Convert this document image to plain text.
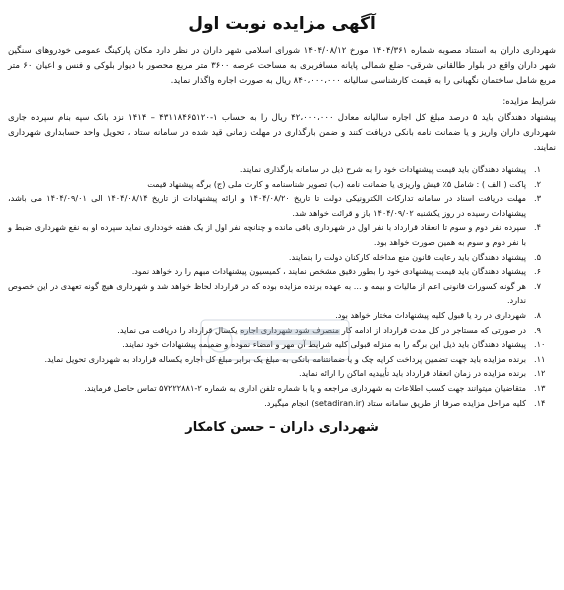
آگهی مزایده نوبت اول

شهرداری داران به استناد مصوبه شماره ۱۴۰۴/۳۶۱ مورخ ۱۴۰۴/۰۸/۱۲ شورای اسلامی شهر داران در نظر دارد مکان پارکینگ عمومی خودروهای سنگین شهر داران واقع در بلوار طالقانی شرقی- ضلع شمالی پایانه مسافربری به مساحت عرصه ۳۶۰۰ متر مربع محصور با دیوار بلوکی و فنس و اعیان ۶۰ متر مربع شامل ساختمان نگهبانی را به قیمت کارشناسی سالیانه ۸۴۰،۰۰۰،۰۰۰ ریال به صورت اجاره واگذار نماید.

شرایط مزایده:

پیشنهاد دهندگان باید ۵ درصد مبلغ کل اجاره سالیانه معادل ۴۲،۰۰۰،۰۰۰ ریال را به حساب ۱-۴۳۱۱۸۴۶۵۱۲۰ – ۱۴۱۴ نزد بانک سپه بنام سپرده جاری شهرداری داران واریز و یا ضمانت نامه بانکی دریافت کنند و ضمن بارگذاری در مهلت زمانی قید شده در سامانه ستاد ، تحویل واحد حسابداری شهرداری نمایند.

۱.
پیشنهاد دهندگان باید قیمت پیشنهادات خود را به شرح ذیل در سامانه بارگذاری نمایند.
۲.
پاکت ( الف ) : شامل ۵٪ فیش واریزی یا ضمانت نامه (ب) تصویر شناسنامه و کارت ملی (ج) برگه پیشنهاد قیمت
۳.
مهلت دریافت اسناد در سامانه تدارکات الکترونیکی دولت تا تاریخ ۱۴۰۴/۰۸/۲۰ و ارائه پیشنهادات از تاریخ ۱۴۰۴/۰۸/۱۴ الی ۱۴۰۴/۰۹/۰۱ می باشد، پیشنهادات رسیده در روز یکشنبه ۱۴۰۴/۰۹/۰۲ باز و قرائت خواهد شد.
۴.
سپرده نفر دوم و سوم تا انعقاد قرارداد با نفر اول در شهرداری باقی مانده و چنانچه نفر اول از یک هفته خودداری نماید سپرده او به نفع شهرداری ضبط و با نفر دوم و سوم به همین صورت خواهد بود.
۵.
پیشنهاد دهندگان باید رعایت قانون منع مداخله کارکنان دولت را بنمایند.
۶.
پیشنهاد دهندگان باید قیمت پیشنهادی خود را بطور دقیق مشخص نمایند ، کمیسیون پیشنهادات مبهم را رد خواهد نمود.
۷.
هر گونه کسورات قانونی اعم از مالیات و بیمه و ... به عهده برنده مزایده بوده که در قرارداد لحاظ خواهد شد و شهرداری هیچ گونه تعهدی در این خصوص ندارد.
۸.
شهرداری در رد یا قبول کلیه پیشنهادات مختار خواهد بود.
۹.
در صورتی که مستاجر در کل مدت قرارداد از ادامه کار منصرف شود شهرداری اجاره یکسال قرارداد را دریافت می نماید.
۱۰.
پیشنهاد دهندگان باید ذیل این برگه را به منزله قبولی کلیه شرایط آن مهر و امضاء نموده و ضمیمه پیشنهادات خود نمایند.
۱۱.
برنده مزایده باید جهت تضمین پرداخت کرایه چک و یا ضمانتنامه بانکی به مبلغ یک برابر مبلغ کل اجاره یکساله قرارداد به شهرداری تحویل نماید.
۱۲.
برنده مزایده در زمان انعقاد قرارداد باید تأییدیه اماکن را ارائه نماید.
۱۳.
متقاضیان میتوانند جهت کسب اطلاعات به شهرداری مراجعه و یا با شماره تلفن اداری به شماره ۲-۵۷۲۲۲۸۸۱ تماس حاصل فرمایند.
۱۴.
کلیه مراحل مزایده صرفا از طریق سامانه ستاد (setadiran.ir) انجام میگیرد.
شهرداری داران – حسن کامکار
